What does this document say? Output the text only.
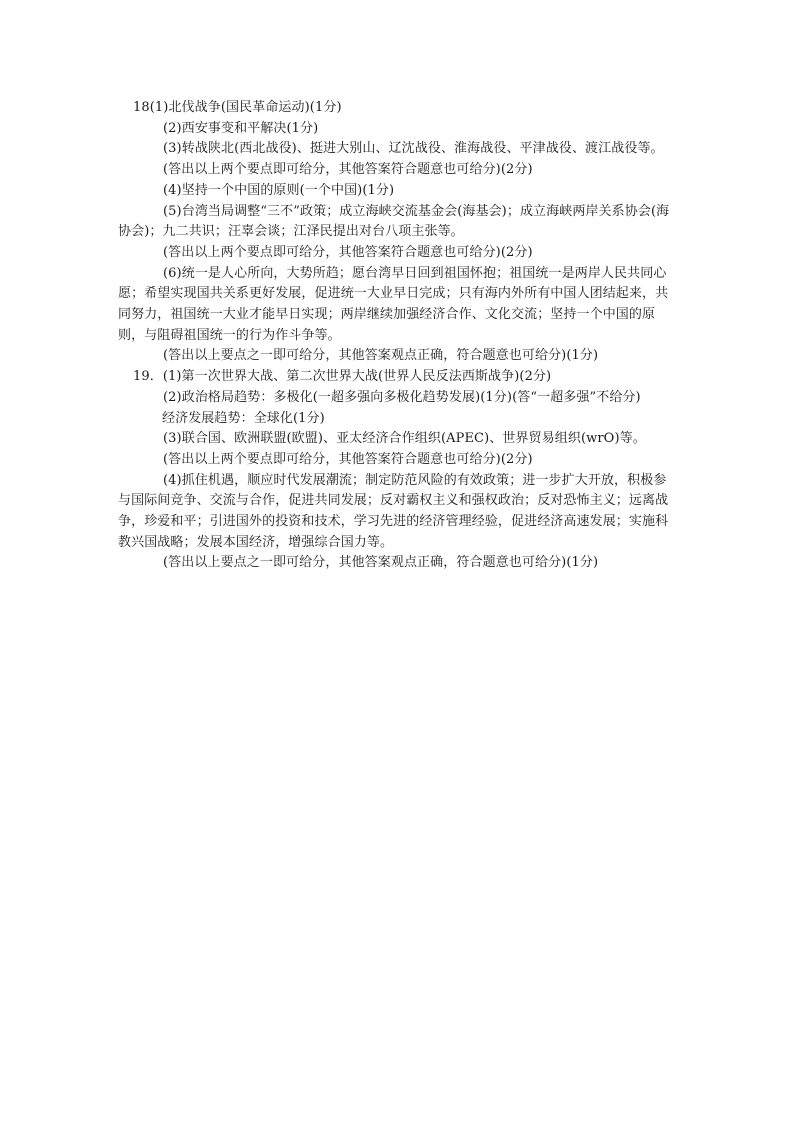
18(1)北伐战争(国民革命运动)(1分)

(2)西安事变和平解决(1分)

(3)转战陕北(西北战役)、挺进大别山、辽沈战役、淮海战役、平津战役、渡江战役等。

(答出以上两个要点即可给分，其他答案符合题意也可给分)(2分)

(4)坚持一个中国的原则(一个中国)(1分)

(5)台湾当局调整“三不”政策；成立海峡交流基金会(海基会)；成立海峡两岸关系协会(海协会)；九二共识；汪辜会谈；江泽民提出对台八项主张等。

(答出以上两个要点即可给分，其他答案符合题意也可给分)(2分)

(6)统一是人心所向，大势所趋；愿台湾早日回到祖国怀抱；祖国统一是两岸人民共同心愿；希望实现国共关系更好发展，促进统一大业早日完成；只有海内外所有中国人团结起来，共同努力，祖国统一大业才能早日实现；两岸继续加强经济合作、文化交流；坚持一个中国的原则，与阻碍祖国统一的行为作斗争等。

(答出以上要点之一即可给分，其他答案观点正确，符合题意也可给分)(1分)

19．(1)第一次世界大战、第二次世界大战(世界人民反法西斯战争)(2分)

(2)政治格局趋势：多极化(一超多强向多极化趋势发展)(1分)(答“一超多强”不给分)

经济发展趋势：全球化(1分)

(3)联合国、欧洲联盟(欧盟)、亚太经济合作组织(APEC)、世界贸易组织(wrO)等。

(答出以上两个要点即可给分，其他答案符合题意也可给分)(2分)

(4)抓住机遇，顺应时代发展潮流；制定防范风险的有效政策；进一步扩大开放，积极参与国际间竞争、交流与合作，促进共同发展；反对霸权主义和强权政治；反对恐怖主义；远离战争，珍爱和平；引进国外的投资和技术，学习先进的经济管理经验，促进经济高速发展；实施科教兴国战略；发展本国经济，增强综合国力等。

(答出以上要点之一即可给分，其他答案观点正确，符合题意也可给分)(1分)
